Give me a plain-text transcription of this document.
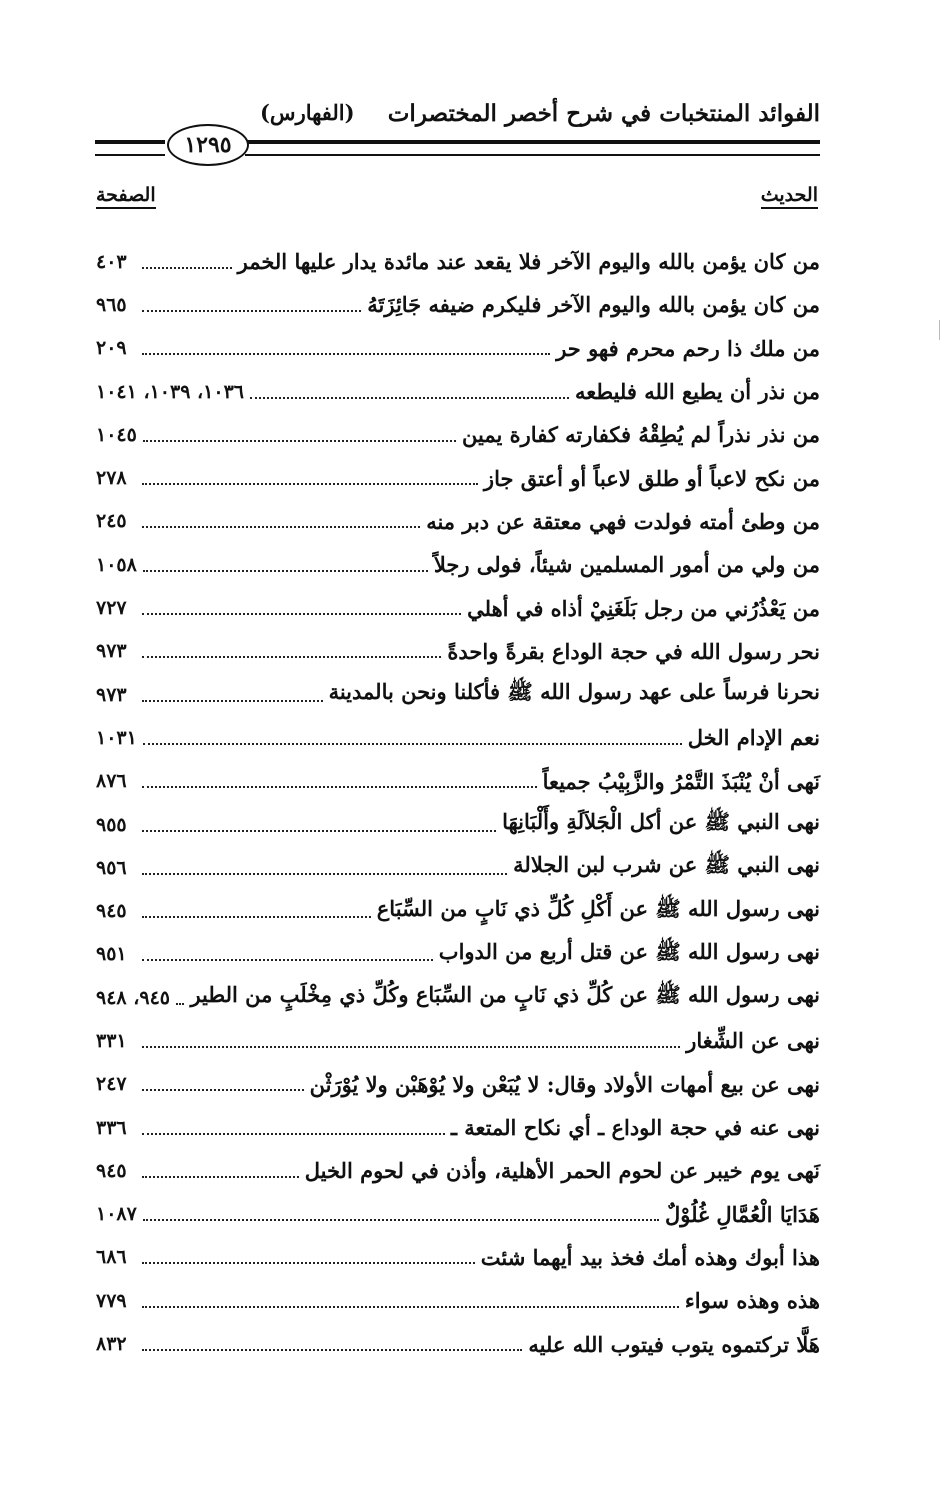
الفوائد المنتخبات في شرح أخصر المختصرات
(الفهارس)
١٢٩٥
الحديث
الصفحة
من كان يؤمن بالله واليوم الآخر فلا يقعد عند مائدة يدار عليها الخمر
٤٠٣
من كان يؤمن بالله واليوم الآخر فليكرم ضيفه جَائِزَتَهُ
٩٦٥
من ملك ذا رحم محرم فهو حر
٢٠٩
من نذر أن يطيع الله فليطعه
١٠٣٦، ١٠٣٩، ١٠٤١
من نذر نذراً لم يُطِقْهُ فكفارته كفارة يمين
١٠٤٥
من نكح لاعباً أو طلق لاعباً أو أعتق جاز
٢٧٨
من وطئ أمته فولدت فهي معتقة عن دبر منه
٢٤٥
من ولي من أمور المسلمين شيئاً، فولى رجلاً
١٠٥٨
من يَعْذُرُني من رجل بَلَغَنِيْ أذاه في أهلي
٧٢٧
نحر رسول الله في حجة الوداع بقرةً واحدةً
٩٧٣
نحرنا فرساً على عهد رسول الله ﷺ فأكلنا ونحن بالمدينة
٩٧٣
نعم الإدام الخل
١٠٣١
نَهى أنْ يُنْبَذَ التَّمْرُ والزَّبِيْبُ جميعاً
٨٧٦
نهى النبي ﷺ عن أكل الْجَلاَلَةِ وأَلْبَانِهَا
٩٥٥
نهى النبي ﷺ عن شرب لبن الجلالة
٩٥٦
نهى رسول الله ﷺ عن أَكْلِ كُلِّ ذي نَابٍ من السِّبَاع
٩٤٥
نهى رسول الله ﷺ عن قتل أربع من الدواب
٩٥١
نهى رسول الله ﷺ عن كُلِّ ذي نَابٍ من السِّبَاع وكُلِّ ذي مِخْلَبٍ من الطير
٩٤٥، ٩٤٨
نهى عن الشِّغار
٣٣١
نهى عن بيع أمهات الأولاد وقال: لا يُبَعْن ولا يُوْهَبْن ولا يُوْرَثْن
٢٤٧
نهى عنه في حجة الوداع ـ أي نكاح المتعة ـ
٣٣٦
نَهى يوم خيبر عن لحوم الحمر الأهلية، وأذن في لحوم الخيل
٩٤٥
هَدَايَا الْعُمَّالِ غُلُوْلٌ
١٠٨٧
هذا أبوك وهذه أمك فخذ بيد أيهما شئت
٦٨٦
هذه وهذه سواء
٧٧٩
هَلَّا تركتموه يتوب فيتوب الله عليه
٨٣٢
